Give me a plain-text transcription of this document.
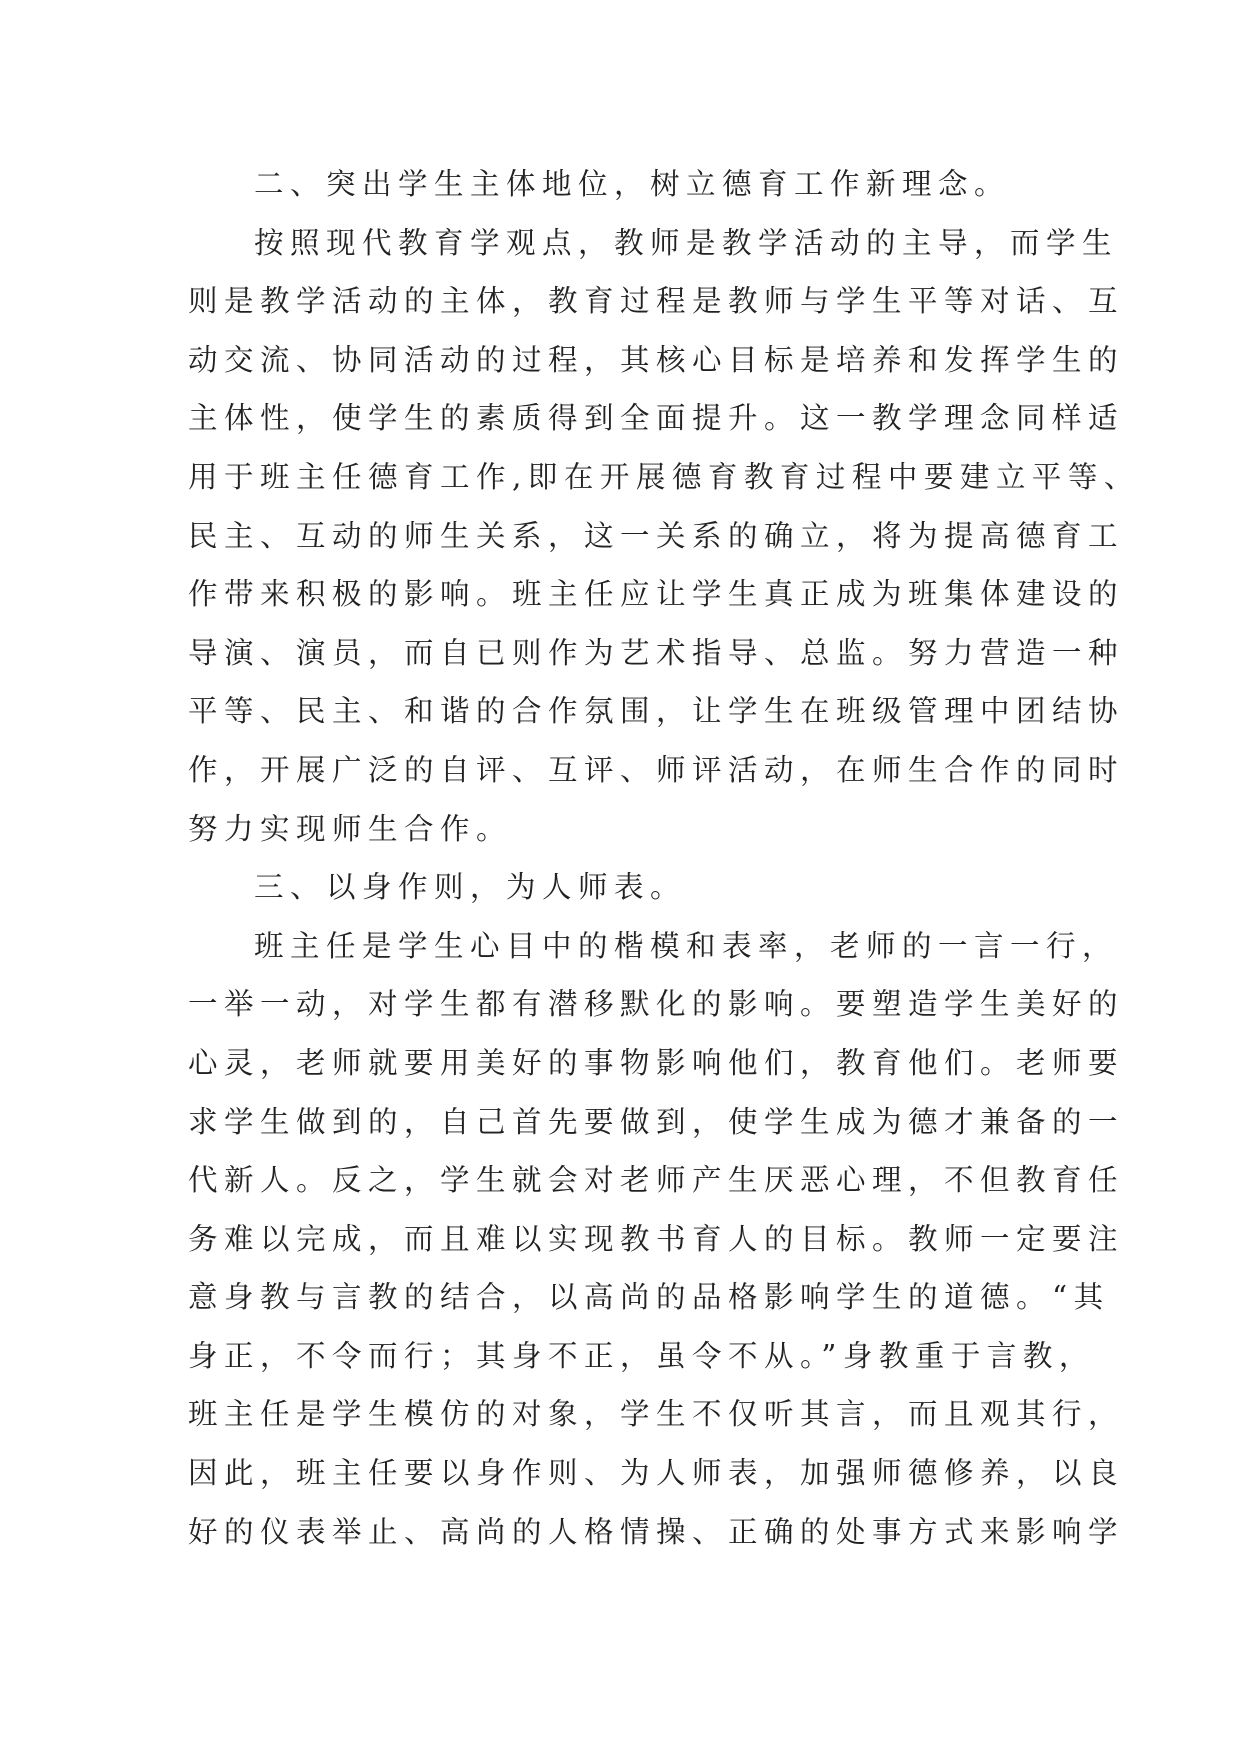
二、突出学生主体地位，树立德育工作新理念。

按照现代教育学观点，教师是教学活动的主导，而学生

则是教学活动的主体，教育过程是教师与学生平等对话、互

动交流、协同活动的过程，其核心目标是培养和发挥学生的

主体性，使学生的素质得到全面提升。这一教学理念同样适

用于班主任德育工作,即在开展德育教育过程中要建立平等、

民主、互动的师生关系，这一关系的确立，将为提高德育工

作带来积极的影响。班主任应让学生真正成为班集体建设的

导演、演员，而自已则作为艺术指导、总监。努力营造一种

平等、民主、和谐的合作氛围，让学生在班级管理中团结协

作，开展广泛的自评、互评、师评活动，在师生合作的同时

努力实现师生合作。

三、以身作则，为人师表。

班主任是学生心目中的楷模和表率，老师的一言一行，

一举一动，对学生都有潜移默化的影响。要塑造学生美好的

心灵，老师就要用美好的事物影响他们，教育他们。老师要

求学生做到的，自己首先要做到，使学生成为德才兼备的一

代新人。反之，学生就会对老师产生厌恶心理，不但教育任

务难以完成，而且难以实现教书育人的目标。教师一定要注

意身教与言教的结合，以高尚的品格影响学生的道德。“其

身正，不令而行；其身不正，虽令不从。”身教重于言教，

班主任是学生模仿的对象，学生不仅听其言，而且观其行，

因此，班主任要以身作则、为人师表，加强师德修养，以良

好的仪表举止、高尚的人格情操、正确的处事方式来影响学
